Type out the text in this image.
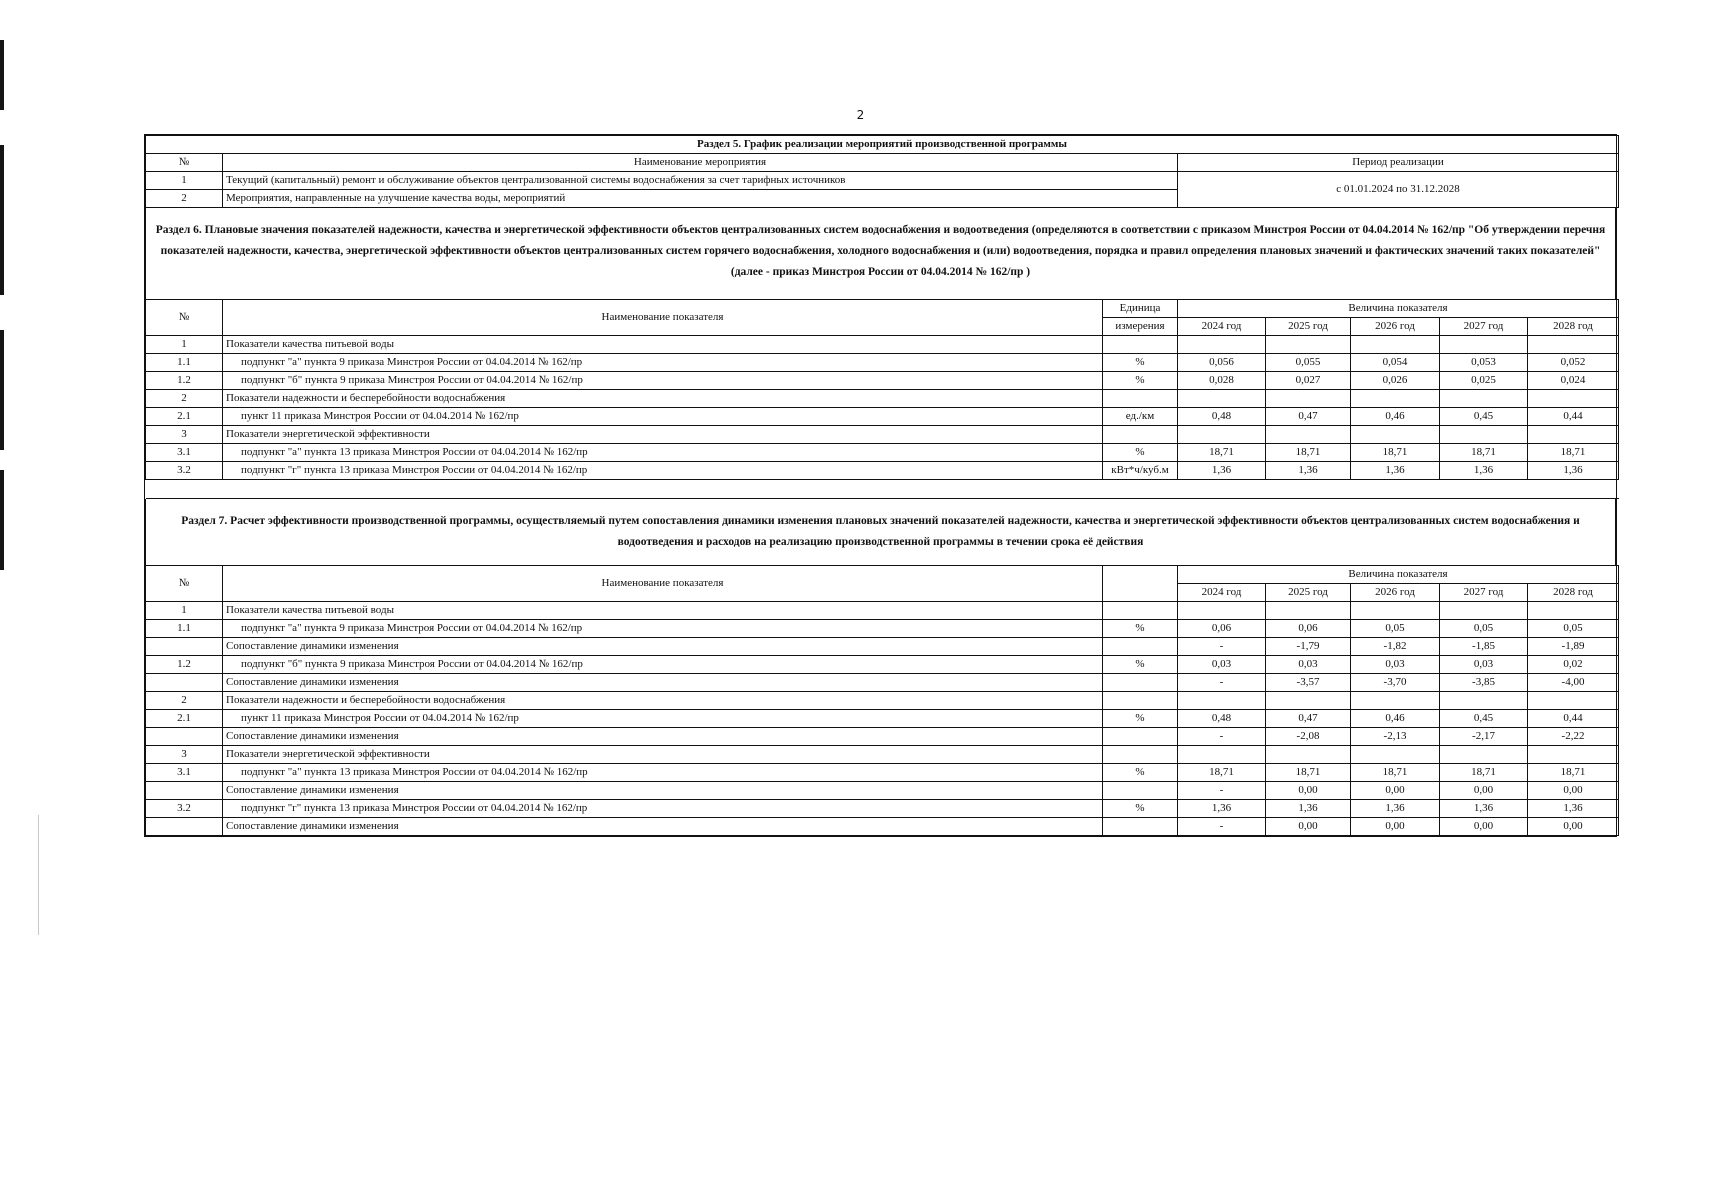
2
Раздел 5. График реализации мероприятий производственной программы		
№	Наименование мероприятия	Период реализации
1	Текущий (капитальный) ремонт и обслуживание объектов централизованной системы водоснабжения за счет тарифных источников	с 01.01.2024 по 31.12.2028
2	Мероприятия, направленные на улучшение качества воды, мероприятий	
Раздел 6. Плановые значения показателей надежности, качества и энергетической эффективности объектов централизованных систем водоснабжения и водоотведения (определяются в соответствии с приказом Минстроя России от 04.04.2014 № 162/пр "Об утверждении перечня показателей надежности, качества, энергетической эффективности объектов централизованных систем горячего водоснабжения, холодного водоснабжения и (или) водоотведения, порядка и правил определения плановых значений и фактических значений таких показателей" (далее - приказ Минстроя России от 04.04.2014 № 162/пр )
№	Наименование показателя	Единица	Величина показателя				
		измерения	2024 год	2025 год	2026 год	2027 год	2028 год
1	Показатели качества питьевой воды						
1.1	подпункт "а" пункта 9 приказа Минстроя России от 04.04.2014 № 162/пр	%	0,056	0,055	0,054	0,053	0,052
1.2	подпункт "б" пункта 9 приказа Минстроя России от 04.04.2014 № 162/пр	%	0,028	0,027	0,026	0,025	0,024
2	Показатели надежности и бесперебойности водоснабжения						
2.1	пункт 11 приказа Минстроя России от 04.04.2014 № 162/пр	ед./км	0,48	0,47	0,46	0,45	0,44
3	Показатели энергетической эффективности						
3.1	подпункт "а" пункта 13 приказа Минстроя России от 04.04.2014 № 162/пр	%	18,71	18,71	18,71	18,71	18,71
3.2	подпункт "г" пункта 13 приказа Минстроя России от 04.04.2014 № 162/пр	кВт*ч/куб.м	1,36	1,36	1,36	1,36	1,36

Раздел 7. Расчет эффективности производственной программы, осуществляемый путем сопоставления динамики изменения плановых значений показателей надежности, качества и энергетической эффективности объектов централизованных систем водоснабжения и водоотведения и расходов на реализацию производственной программы в течении срока её действия
№	Наименование показателя		Величина показателя				
			2024 год	2025 год	2026 год	2027 год	2028 год
1	Показатели качества питьевой воды						
1.1	подпункт "а" пункта 9 приказа Минстроя России от 04.04.2014 № 162/пр	%	0,06	0,06	0,05	0,05	0,05
	Сопоставление динамики изменения		-	-1,79	-1,82	-1,85	-1,89
1.2	подпункт "б" пункта 9 приказа Минстроя России от 04.04.2014 № 162/пр	%	0,03	0,03	0,03	0,03	0,02
	Сопоставление динамики изменения		-	-3,57	-3,70	-3,85	-4,00
2	Показатели надежности и бесперебойности водоснабжения						
2.1	пункт 11 приказа Минстроя России от 04.04.2014 № 162/пр	%	0,48	0,47	0,46	0,45	0,44
	Сопоставление динамики изменения		-	-2,08	-2,13	-2,17	-2,22
3	Показатели энергетической эффективности						
3.1	подпункт "а" пункта 13 приказа Минстроя России от 04.04.2014 № 162/пр	%	18,71	18,71	18,71	18,71	18,71
	Сопоставление динамики изменения		-	0,00	0,00	0,00	0,00
3.2	подпункт "г" пункта 13 приказа Минстроя России от 04.04.2014 № 162/пр	%	1,36	1,36	1,36	1,36	1,36
	Сопоставление динамики изменения		-	0,00	0,00	0,00	0,00
